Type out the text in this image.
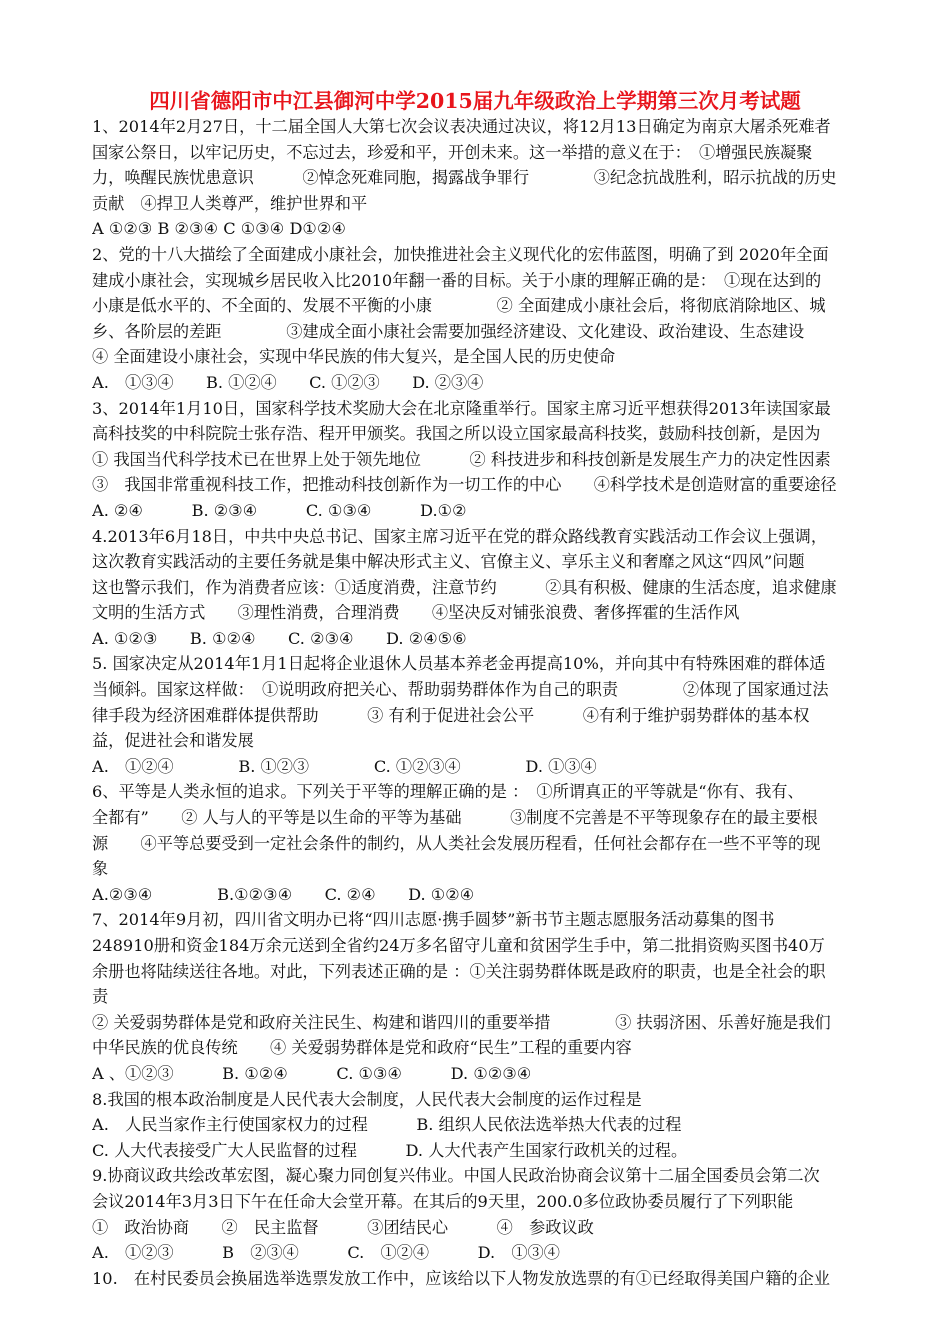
四川省德阳市中江县御河中学2015届九年级政治上学期第三次月考试题
1、2014年2月27日，十二届全国人大第七次会议表决通过决议，将12月13日确定为南京大屠杀死难者
国家公祭日，以牢记历史，不忘过去，珍爱和平，开创未来。这一举措的意义在于：　①增强民族凝聚
力，唤醒民族忧患意识　　　②悼念死难同胞，揭露战争罪行　　　　③纪念抗战胜利，昭示抗战的历史
贡献　④捍卫人类尊严，维护世界和平
A ①②③ B ②③④ C ①③④ D①②④
2、党的十八大描绘了全面建成小康社会，加快推进社会主义现代化的宏伟蓝图，明确了到 2020年全面
建成小康社会，实现城乡居民收入比2010年翻一番的目标。关于小康的理解正确的是：　①现在达到的
小康是低水平的、不全面的、发展不平衡的小康　　　　② 全面建成小康社会后，将彻底消除地区、城
乡、各阶层的差距　　　　③建成全面小康社会需要加强经济建设、文化建设、政治建设、生态建设
④ 全面建设小康社会，实现中华民族的伟大复兴，是全国人民的历史使命
A.　①③④　　B. ①②④　　C. ①②③　　D. ②③④
3、2014年1月10日，国家科学技术奖励大会在北京隆重举行。国家主席习近平想获得2013年读国家最
高科技奖的中科院院士张存浩、程开甲颁奖。我国之所以设立国家最高科技奖，鼓励科技创新，是因为
① 我国当代科学技术已在世界上处于领先地位　　　② 科技进步和科技创新是发展生产力的决定性因素
③　我国非常重视科技工作，把推动科技创新作为一切工作的中心　　④科学技术是创造财富的重要途径
A. ②④　　　B. ②③④　　　C. ①③④　　　D.①②
4.2013年6月18日，中共中央总书记、国家主席习近平在党的群众路线教育实践活动工作会议上强调，
这次教育实践活动的主要任务就是集中解决形式主义、官僚主义、享乐主义和奢靡之风这“四风”问题
这也警示我们，作为消费者应该：①适度消费，注意节约　　　②具有积极、健康的生活态度，追求健康
文明的生活方式　　③理性消费，合理消费　　④坚决反对铺张浪费、奢侈挥霍的生活作风
A. ①②③　　B. ①②④　　C. ②③④　　D. ②④⑤⑥
5. 国家决定从2014年1月1日起将企业退休人员基本养老金再提高10%，并向其中有特殊困难的群体适
当倾斜。国家这样做：　①说明政府把关心、帮助弱势群体作为自己的职责　　　　②体现了国家通过法
律手段为经济困难群体提供帮助　　　③ 有利于促进社会公平　　　④有利于维护弱势群体的基本权
益，促进社会和谐发展
A.　①②④　　　　B. ①②③　　　　C. ①②③④　　　　D. ①③④
6、平等是人类永恒的追求。下列关于平等的理解正确的是 ：　①所谓真正的平等就是“你有、我有、
全都有”　　② 人与人的平等是以生命的平等为基础　　　③制度不完善是不平等现象存在的最主要根
源　　④平等总要受到一定社会条件的制约，从人类社会发展历程看，任何社会都存在一些不平等的现
象
A.②③④　　　　B.①②③④　　C. ②④　　D. ①②④
7、2014年9月初，四川省文明办已将“四川志愿·携手圆梦”新书节主题志愿服务活动募集的图书
248910册和资金184万余元送到全省约24万多名留守儿童和贫困学生手中，第二批捐资购买图书40万
余册也将陆续送往各地。对此，下列表述正确的是 ：①关注弱势群体既是政府的职责，也是全社会的职
责
② 关爱弱势群体是党和政府关注民生、构建和谐四川的重要举措　　　　③ 扶弱济困、乐善好施是我们
中华民族的优良传统　　④ 关爱弱势群体是党和政府“民生”工程的重要内容
A 、①②③　　　B. ①②④　　　C. ①③④　　　D. ①②③④
8.我国的根本政治制度是人民代表大会制度，人民代表大会制度的运作过程是
A.　人民当家作主行使国家权力的过程　　　B. 组织人民依法选举热大代表的过程
C. 人大代表接受广大人民监督的过程　　　D. 人大代表产生国家行政机关的过程。
9.协商议政共绘改革宏图，凝心聚力同创复兴伟业。中国人民政治协商会议第十二届全国委员会第二次
会议2014年3月3日下午在任命大会堂开幕。在其后的9天里，200.0多位政协委员履行了下列职能
①　政治协商　　②　民主监督　　　③团结民心　　　④　参政议政
A.　①②③　　　B　②③④　　　C.　①②④　　　D.　①③④
10.　在村民委员会换届选举选票发放工作中，应该给以下人物发放选票的有①已经取得美国户籍的企业
